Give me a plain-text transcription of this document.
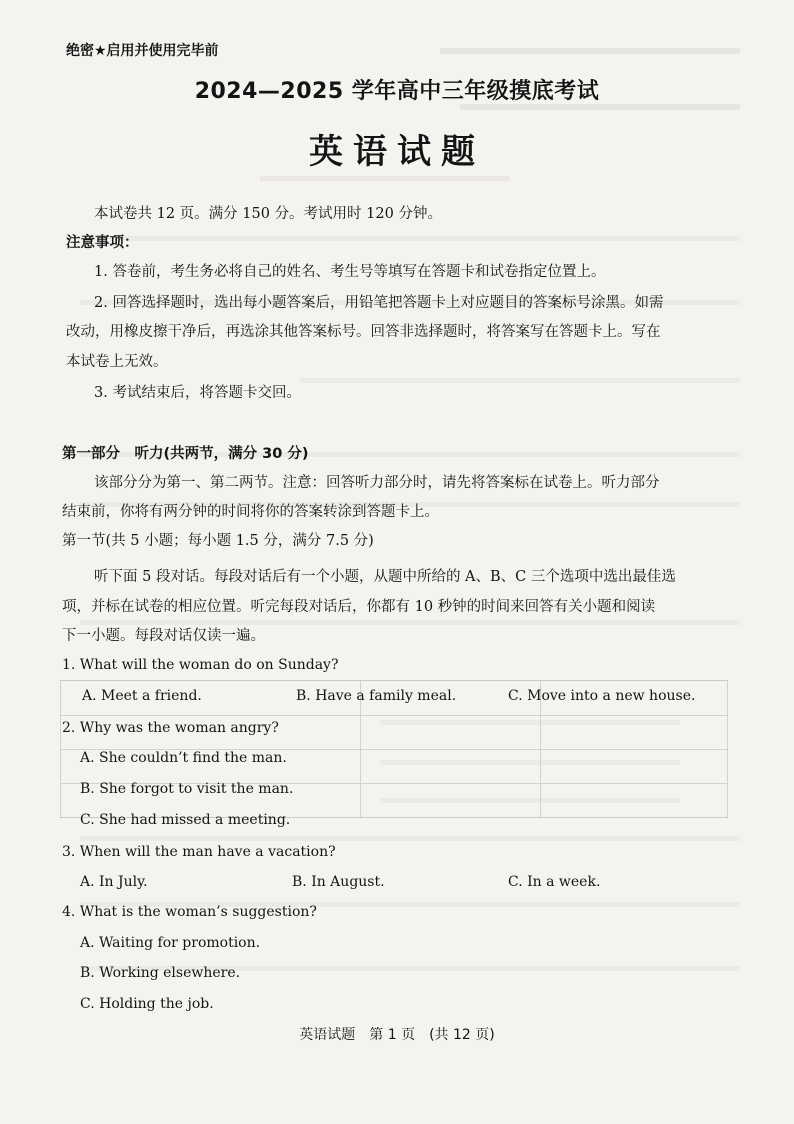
绝密★启用并使用完毕前
2024—2025 学年高中三年级摸底考试
英语试题
本试卷共 12 页。满分 150 分。考试用时 120 分钟。
注意事项：
1. 答卷前，考生务必将自己的姓名、考生号等填写在答题卡和试卷指定位置上。
2. 回答选择题时，选出每小题答案后，用铅笔把答题卡上对应题目的答案标号涂黑。如需
改动，用橡皮擦干净后，再选涂其他答案标号。回答非选择题时，将答案写在答题卡上。写在
本试卷上无效。
3. 考试结束后，将答题卡交回。
第一部分　听力(共两节，满分 30 分)
该部分分为第一、第二两节。注意：回答听力部分时，请先将答案标在试卷上。听力部分
结束前，你将有两分钟的时间将你的答案转涂到答题卡上。
第一节(共 5 小题；每小题 1.5 分，满分 7.5 分)
听下面 5 段对话。每段对话后有一个小题，从题中所给的 A、B、C 三个选项中选出最佳选
项，并标在试卷的相应位置。听完每段对话后，你都有 10 秒钟的时间来回答有关小题和阅读
下一小题。每段对话仅读一遍。
1. What will the woman do on Sunday?
A. Meet a friend.	B. Have a family meal.	C. Move into a new house.
2. Why was the woman angry?
A. She couldn’t find the man.
B. She forgot to visit the man.
C. She had missed a meeting.
3. When will the man have a vacation?
A. In July.	B. In August.	C. In a week.
4. What is the woman’s suggestion?
A. Waiting for promotion.
B. Working elsewhere.
C. Holding the job.
英语试题　第 1 页　(共 12 页)
